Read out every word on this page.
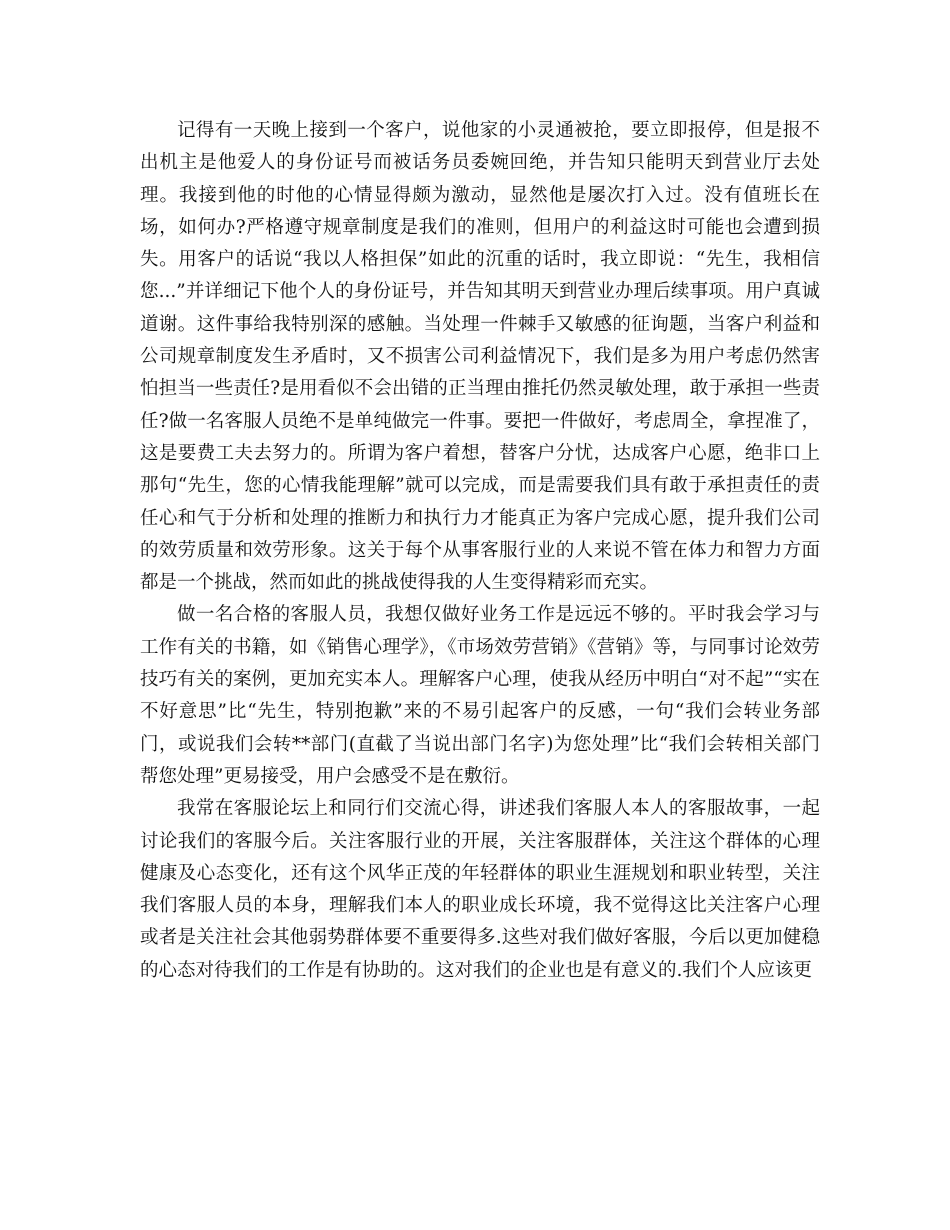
记得有一天晚上接到一个客户，说他家的小灵通被抢，要立即报停，但是报不出机主是他爱人的身份证号而被话务员委婉回绝，并告知只能明天到营业厅去处理。我接到他的时他的心情显得颇为激动，显然他是屡次打入过。没有值班长在场，如何办?严格遵守规章制度是我们的准则，但用户的利益这时可能也会遭到损失。用客户的话说“我以人格担保”如此的沉重的话时，我立即说：“先生，我相信您...”并详细记下他个人的身份证号，并告知其明天到营业办理后续事项。用户真诚道谢。这件事给我特别深的感触。当处理一件棘手又敏感的征询题，当客户利益和公司规章制度发生矛盾时，又不损害公司利益情况下，我们是多为用户考虑仍然害怕担当一些责任?是用看似不会出错的正当理由推托仍然灵敏处理，敢于承担一些责任?做一名客服人员绝不是单纯做完一件事。要把一件做好，考虑周全，拿捏准了，这是要费工夫去努力的。所谓为客户着想，替客户分忧，达成客户心愿，绝非口上那句“先生，您的心情我能理解”就可以完成，而是需要我们具有敢于承担责任的责任心和气于分析和处理的推断力和执行力才能真正为客户完成心愿，提升我们公司的效劳质量和效劳形象。这关于每个从事客服行业的人来说不管在体力和智力方面都是一个挑战，然而如此的挑战使得我的人生变得精彩而充实。

做一名合格的客服人员，我想仅做好业务工作是远远不够的。平时我会学习与工作有关的书籍，如《销售心理学》，《市场效劳营销》《营销》等，与同事讨论效劳技巧有关的案例，更加充实本人。理解客户心理，使我从经历中明白“对不起”“实在不好意思”比“先生，特别抱歉”来的不易引起客户的反感，一句“我们会转业务部门，或说我们会转**部门(直截了当说出部门名字)为您处理”比“我们会转相关部门帮您处理”更易接受，用户会感受不是在敷衍。

我常在客服论坛上和同行们交流心得，讲述我们客服人本人的客服故事，一起讨论我们的客服今后。关注客服行业的开展，关注客服群体，关注这个群体的心理健康及心态变化，还有这个风华正茂的年轻群体的职业生涯规划和职业转型，关注我们客服人员的本身，理解我们本人的职业成长环境，我不觉得这比关注客户心理或者是关注社会其他弱势群体要不重要得多.这些对我们做好客服，今后以更加健稳的心态对待我们的工作是有协助的。这对我们的企业也是有意义的.我们个人应该更
